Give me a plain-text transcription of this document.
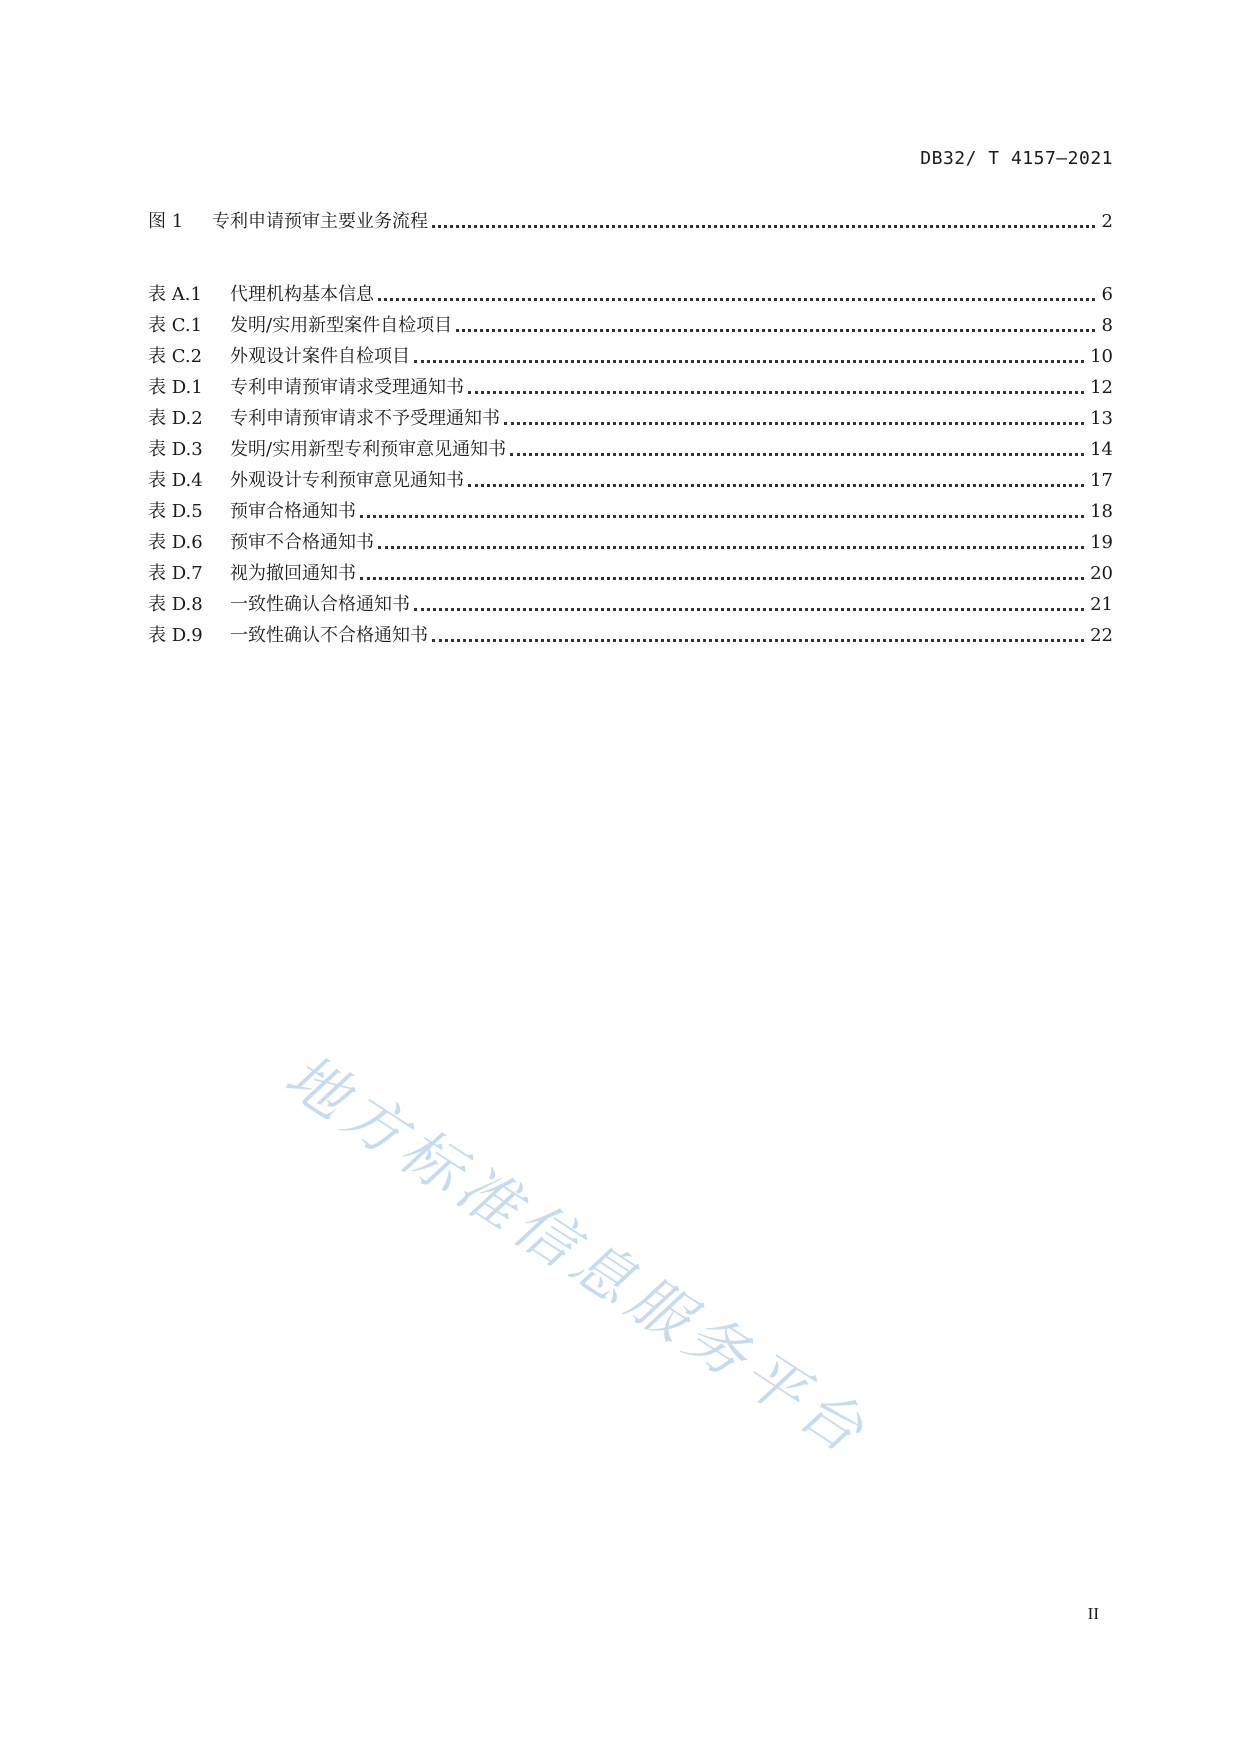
DB32/ T 4157—2021
图 1	专利申请预审主要业务流程	2
表 A.1	代理机构基本信息	6
表 C.1	发明/实用新型案件自检项目	8
表 C.2	外观设计案件自检项目	10
表 D.1	专利申请预审请求受理通知书	12
表 D.2	专利申请预审请求不予受理通知书	13
表 D.3	发明/实用新型专利预审意见通知书	14
表 D.4	外观设计专利预审意见通知书	17
表 D.5	预审合格通知书	18
表 D.6	预审不合格通知书	19
表 D.7	视为撤回通知书	20
表 D.8	一致性确认合格通知书	21
表 D.9	一致性确认不合格通知书	22
地方标准信息服务平台
II
